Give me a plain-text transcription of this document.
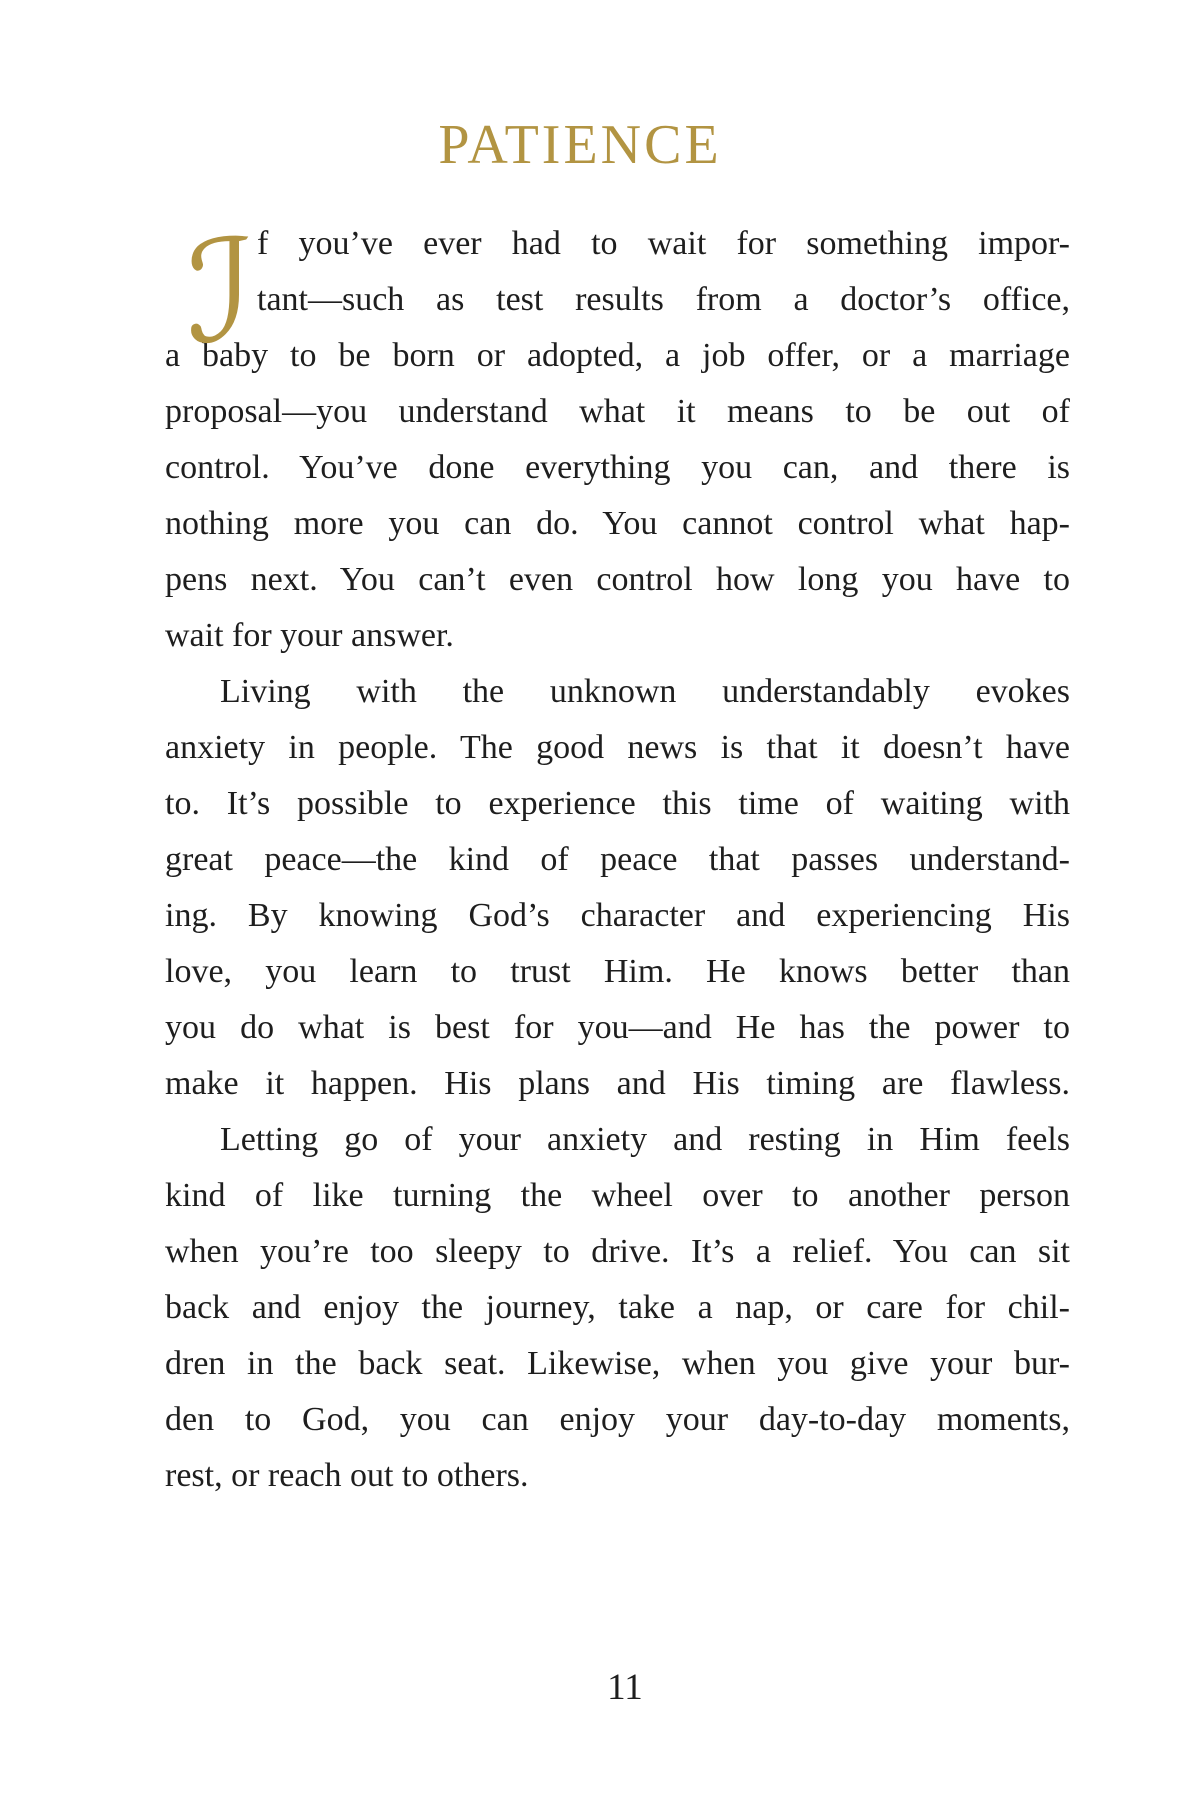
PATIENCE
ℐ f you’ve ever had to wait for something impor-
tant—such as test results from a doctor’s office,
a baby to be born or adopted, a job offer, or a marriage
proposal—you understand what it means to be out of
control. You’ve done everything you can, and there is
nothing more you can do. You cannot control what hap-
pens next. You can’t even control how long you have to
wait for your answer.
Living with the unknown understandably evokes
anxiety in people. The good news is that it doesn’t have
to. It’s possible to experience this time of waiting with
great peace—the kind of peace that passes understand-
ing. By knowing God’s character and experiencing His
love, you learn to trust Him. He knows better than
you do what is best for you—and He has the power to
make it happen. His plans and His timing are flawless.
Letting go of your anxiety and resting in Him feels
kind of like turning the wheel over to another person
when you’re too sleepy to drive. It’s a relief. You can sit
back and enjoy the journey, take a nap, or care for chil-
dren in the back seat. Likewise, when you give your bur-
den to God, you can enjoy your day-to-day moments,
rest, or reach out to others.
11
